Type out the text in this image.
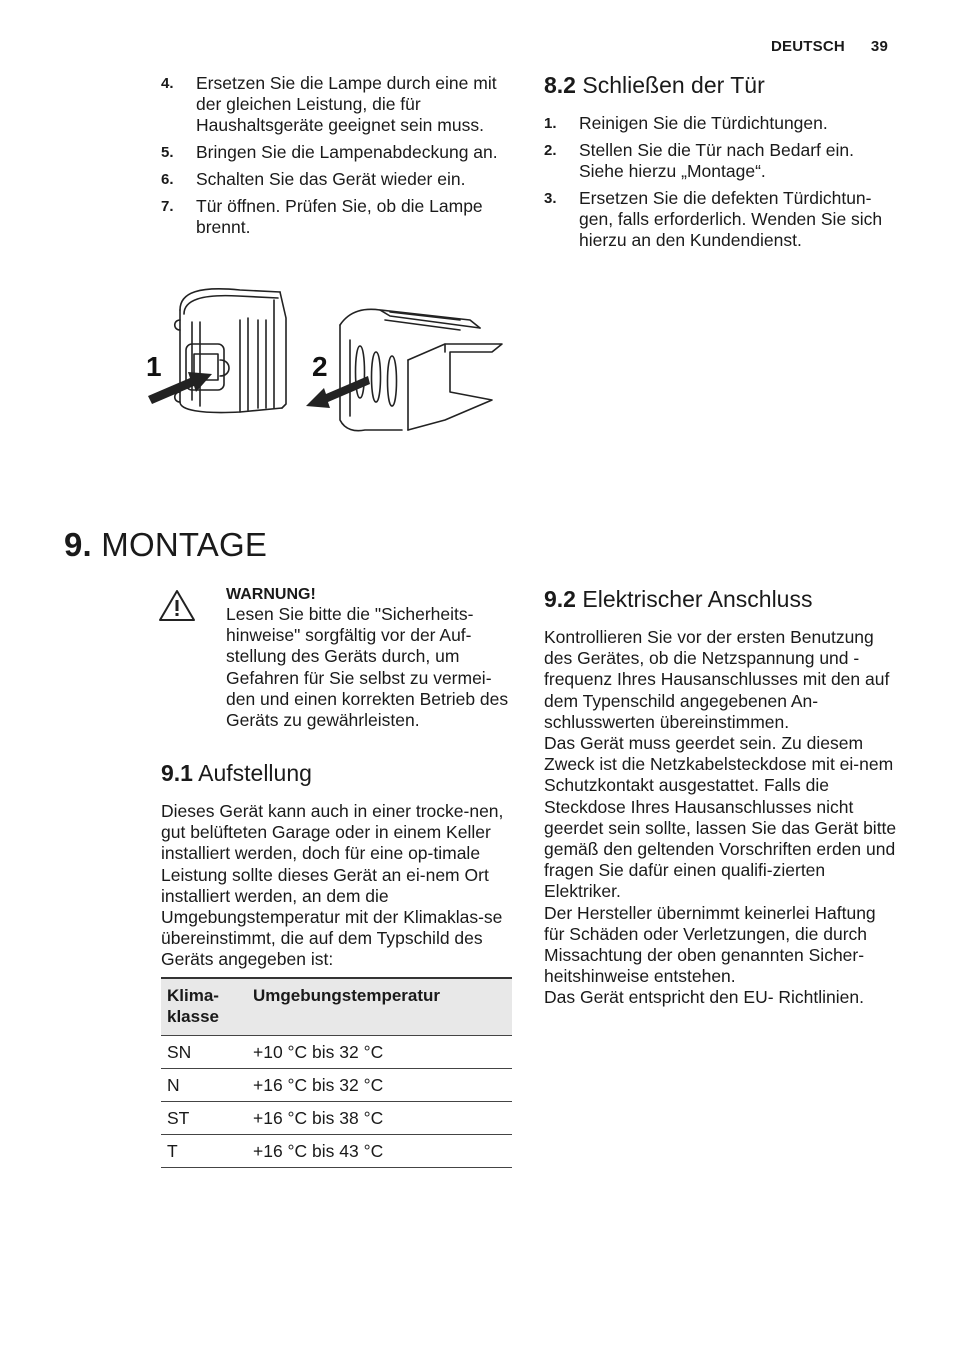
DEUTSCH 39
4. Ersetzen Sie die Lampe durch eine mit der gleichen Leistung, die für Haushaltsgeräte geeignet sein muss.
5. Bringen Sie die Lampenabdeckung an.
6. Schalten Sie das Gerät wieder ein.
7. Tür öffnen. Prüfen Sie, ob die Lampe brennt.
1	2
8.2 Schließen der Tür
1. Reinigen Sie die Türdichtungen.
2. Stellen Sie die Tür nach Bedarf ein. Siehe hierzu „Montage“.
3. Ersetzen Sie die defekten Türdichtun-gen, falls erforderlich. Wenden Sie sich hierzu an den Kundendienst.
9. MONTAGE
WARNUNG!

Lesen Sie bitte die "Sicherheits-hinweise" sorgfältig vor der Auf-stellung des Geräts durch, um Gefahren für Sie selbst zu vermei-den und einen korrekten Betrieb des Geräts zu gewährleisten.

9.1 Aufstellung

Dieses Gerät kann auch in einer trocke-nen, gut belüfteten Garage oder in einem Keller installiert werden, doch für eine op-timale Leistung sollte dieses Gerät an ei-nem Ort installiert werden, an dem die Umgebungstemperatur mit der Klimaklas-se übereinstimmt, die auf dem Typschild des Geräts angegeben ist:

Klima-klasse	Umgebungstemperatur
SN	+10 °C bis 32 °C
N	+16 °C bis 32 °C
ST	+16 °C bis 38 °C
T	+16 °C bis 43 °C
9.2 Elektrischer Anschluss

Kontrollieren Sie vor der ersten Benutzung des Gerätes, ob die Netzspannung und -frequenz Ihres Hausanschlusses mit den auf dem Typenschild angegebenen An-schlusswerten übereinstimmen.

Das Gerät muss geerdet sein. Zu diesem Zweck ist die Netzkabelsteckdose mit ei-nem Schutzkontakt ausgestattet. Falls die Steckdose Ihres Hausanschlusses nicht geerdet sein sollte, lassen Sie das Gerät bitte gemäß den geltenden Vorschriften erden und fragen Sie dafür einen qualifi-zierten Elektriker.

Der Hersteller übernimmt keinerlei Haftung für Schäden oder Verletzungen, die durch Missachtung der oben genannten Sicher-heitshinweise entstehen.

Das Gerät entspricht den EU- Richtlinien.
